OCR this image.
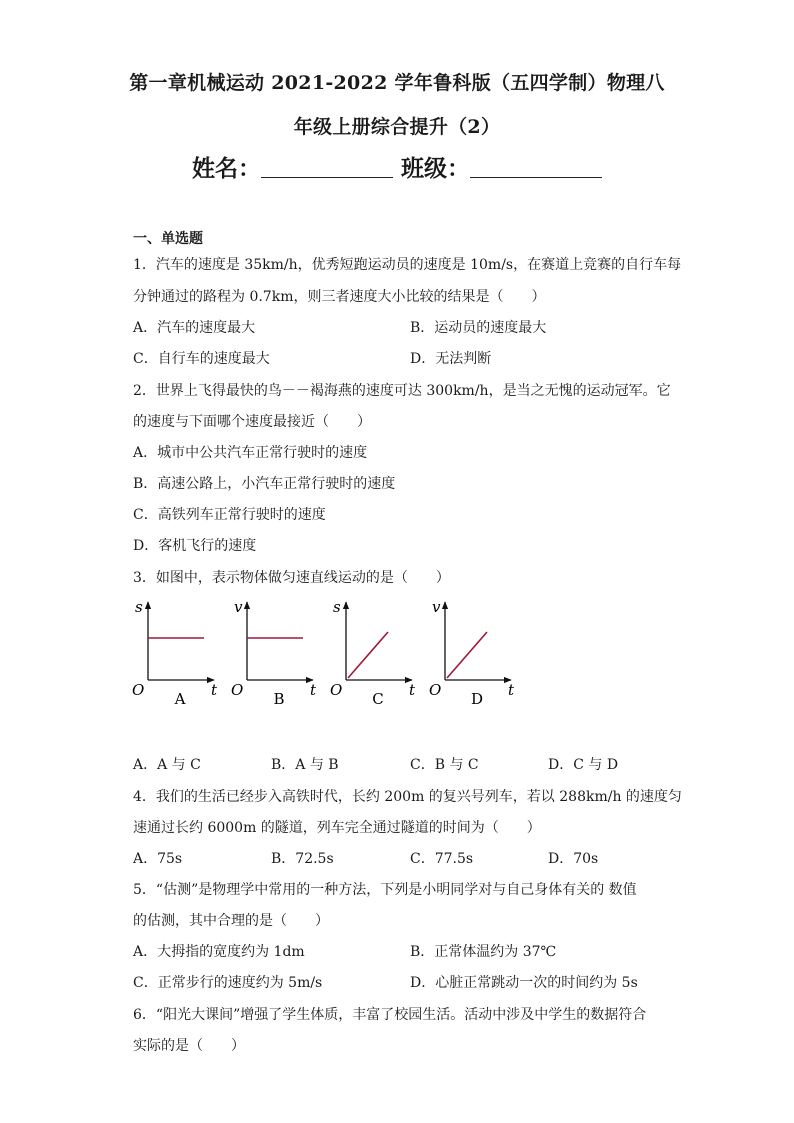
第一章机械运动 2021-2022 学年鲁科版（五四学制）物理八
年级上册综合提升（2）
姓名：	班级：
一、单选题
1．汽车的速度是 35km/h，优秀短跑运动员的速度是 10m/s，在赛道上竞赛的自行车每
分钟通过的路程为 0.7km，则三者速度大小比较的结果是（　　）
A．汽车的速度最大	B．运动员的速度最大
C．自行车的速度最大	D．无法判断
2．世界上飞得最快的鸟－－褐海燕的速度可达 300km/h，是当之无愧的运动冠军。它
的速度与下面哪个速度最接近（　　）
A．城市中公共汽车正常行驶时的速度
B．高速公路上，小汽车正常行驶时的速度
C．高铁列车正常行驶时的速度
D．客机飞行的速度
3．如图中，表示物体做匀速直线运动的是（　　）
s
t
O A
v
t
O B
s
t
O C
v
t
O D
A．A 与 C	B．A 与 B	C．B 与 C	D．C 与 D
4．我们的生活已经步入高铁时代，长约 200m 的复兴号列车，若以 288km/h 的速度匀
速通过长约 6000m 的隧道，列车完全通过隧道的时间为（　　）
A．75s	B．72.5s	C．77.5s	D．70s
5．“估测”是物理学中常用的一种方法，下列是小明同学对与自己身体有关的 数值
的估测，其中合理的是（　　）
A．大拇指的宽度约为 1dm	B．正常体温约为 37℃
C．正常步行的速度约为 5m/s	D．心脏正常跳动一次的时间约为 5s
6．“阳光大课间”增强了学生体质，丰富了校园生活。活动中涉及中学生的数据符合
实际的是（　　）
